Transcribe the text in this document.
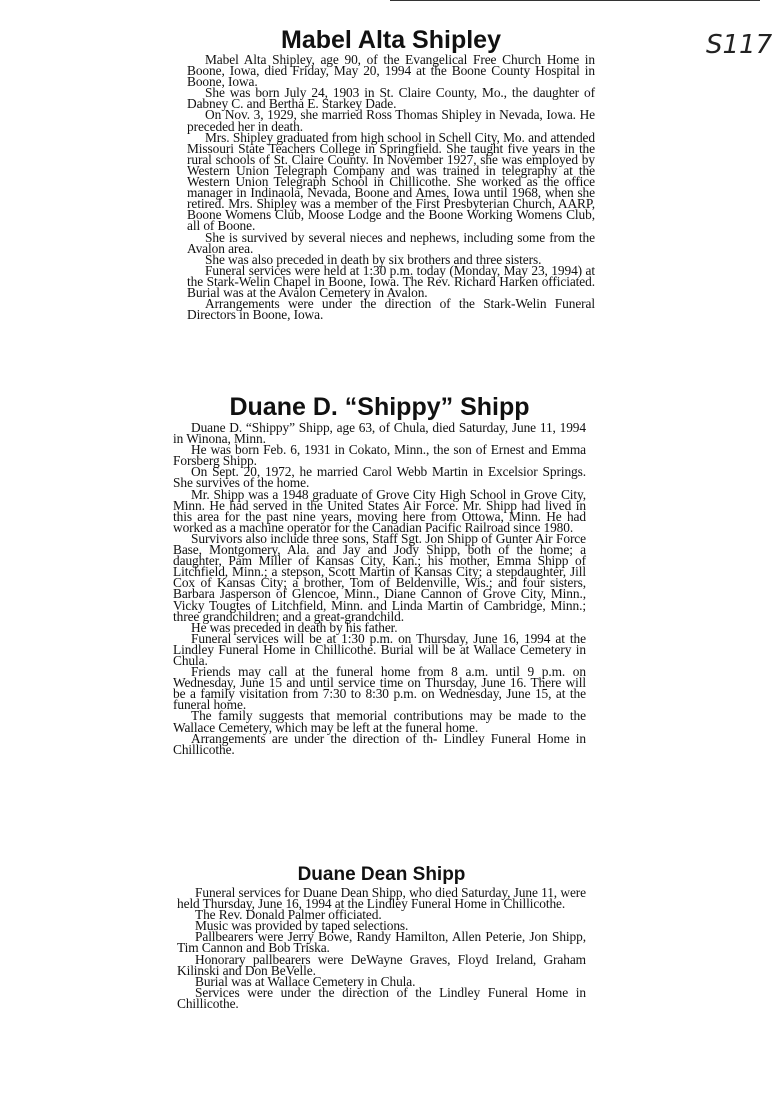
S117
Mabel Alta Shipley

Mabel Alta Shipley, age 90, of the Evangelical Free Church Home in Boone, Iowa, died Friday, May 20, 1994 at the Boone County Hospital in Boone, Iowa.

She was born July 24, 1903 in St. Claire County, Mo., the daughter of Dabney C. and Bertha E. Starkey Dade.

On Nov. 3, 1929, she married Ross Thomas Shipley in Nevada, Iowa. He preceded her in death.

Mrs. Shipley graduated from high school in Schell City, Mo. and attended Missouri State Teachers College in Springfield. She taught five years in the rural schools of St. Claire County. In November 1927, she was employed by Western Union Telegraph Company and was trained in telegraphy at the Western Union Telegraph School in Chillicothe. She worked as the office manager in Indinaola, Nevada, Boone and Ames, Iowa until 1968, when she retired. Mrs. Shipley was a member of the First Presbyterian Church, AARP, Boone Womens Club, Moose Lodge and the Boone Working Womens Club, all of Boone.

She is survived by several nieces and nephews, including some from the Avalon area.

She was also preceded in death by six brothers and three sisters.

Funeral services were held at 1:30 p.m. today (Monday, May 23, 1994) at the Stark-Welin Chapel in Boone, Iowa. The Rev. Richard Harken officiated. Burial was at the Avalon Cemetery in Avalon.

Arrangements were under the direction of the Stark-Welin Funeral Directors in Boone, Iowa.

Duane D. “Shippy” Shipp

Duane D. “Shippy” Shipp, age 63, of Chula, died Saturday, June 11, 1994 in Winona, Minn.

He was born Feb. 6, 1931 in Cokato, Minn., the son of Ernest and Emma Forsberg Shipp.

On Sept. 20, 1972, he married Carol Webb Martin in Excelsior Springs. She survives of the home.

Mr. Shipp was a 1948 graduate of Grove City High School in Grove City, Minn. He had served in the United States Air Force. Mr. Shipp had lived in this area for the past nine years, moving here from Ottowa, Minn. He had worked as a machine operator for the Canadian Pacific Railroad since 1980.

Survivors also include three sons, Staff Sgt. Jon Shipp of Gunter Air Force Base, Montgomery, Ala. and Jay and Jody Shipp, both of the home; a daughter, Pam Miller of Kansas City, Kan.; his mother, Emma Shipp of Litchfield, Minn.; a stepson, Scott Martin of Kansas City; a stepdaughter, Jill Cox of Kansas City; a brother, Tom of Beldenville, Wis.; and four sisters, Barbara Jasperson of Glencoe, Minn., Diane Cannon of Grove City, Minn., Vicky Tougtes of Litchfield, Minn. and Linda Martin of Cambridge, Minn.; three grandchildren; and a great-grandchild.

He was preceded in death by his father.

Funeral services will be at 1:30 p.m. on Thursday, June 16, 1994 at the Lindley Funeral Home in Chillicothe. Burial will be at Wallace Cemetery in Chula.

Friends may call at the funeral home from 8 a.m. until 9 p.m. on Wednesday, June 15 and until service time on Thursday, June 16. There will be a family visitation from 7:30 to 8:30 p.m. on Wednesday, June 15, at the funeral home.

The family suggests that memorial contributions may be made to the Wallace Cemetery, which may be left at the funeral home.

Arrangements are under the direction of th- Lindley Funeral Home in Chillicothe.

Duane Dean Shipp

Funeral services for Duane Dean Shipp, who died Saturday, June 11, were held Thursday, June 16, 1994 at the Lindley Funeral Home in Chillicothe.

The Rev. Donald Palmer officiated.

Music was provided by taped selections.

Pallbearers were Jerry Bowe, Randy Hamilton, Allen Peterie, Jon Shipp, Tim Cannon and Bob Triska.

Honorary pallbearers were DeWayne Graves, Floyd Ireland, Graham Kilinski and Don BeVelle.

Burial was at Wallace Cemetery in Chula.

Services were under the direction of the Lindley Funeral Home in Chillicothe.
